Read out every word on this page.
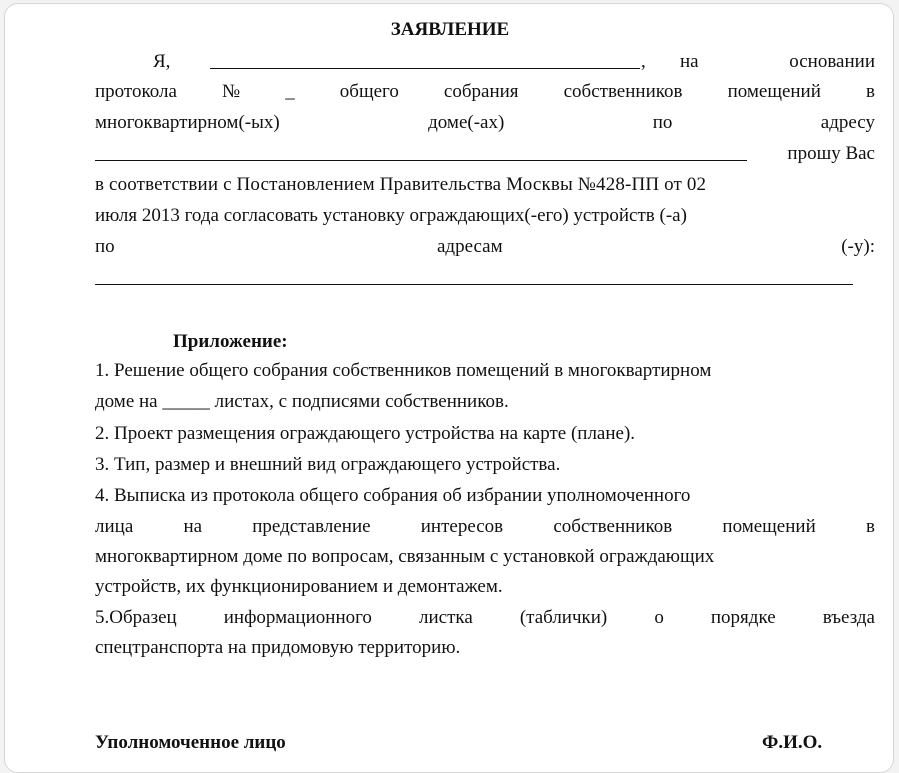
ЗАЯВЛЕНИЕ
Я,	, на	основании
протокола № _ общего собрания собственников помещений в
многоквартирном(-ых)	доме(-ах)	по	адресу
прошу Вас
в соответствии с Постановлением Правительства Москвы №428-ПП от 02
июля 2013 года согласовать установку ограждающих(-его) устройств (-а)
по	адресам	(-у):
Приложение:
1. Решение общего собрания собственников помещений в многоквартирном
доме на _____ листах, с подписями собственников.
2. Проект размещения ограждающего устройства на карте (плане).
3. Тип, размер и внешний вид ограждающего устройства.
4. Выписка из протокола общего собрания об избрании уполномоченного
лица	на	представление	интересов	собственников	помещений	в
многоквартирном доме по вопросам, связанным с установкой ограждающих
устройств, их функционированием и демонтажем.
5.Образец информационного листка (таблички) о порядке въезда
спецтранспорта на придомовую территорию.
Уполномоченное лицо	Ф.И.О.
